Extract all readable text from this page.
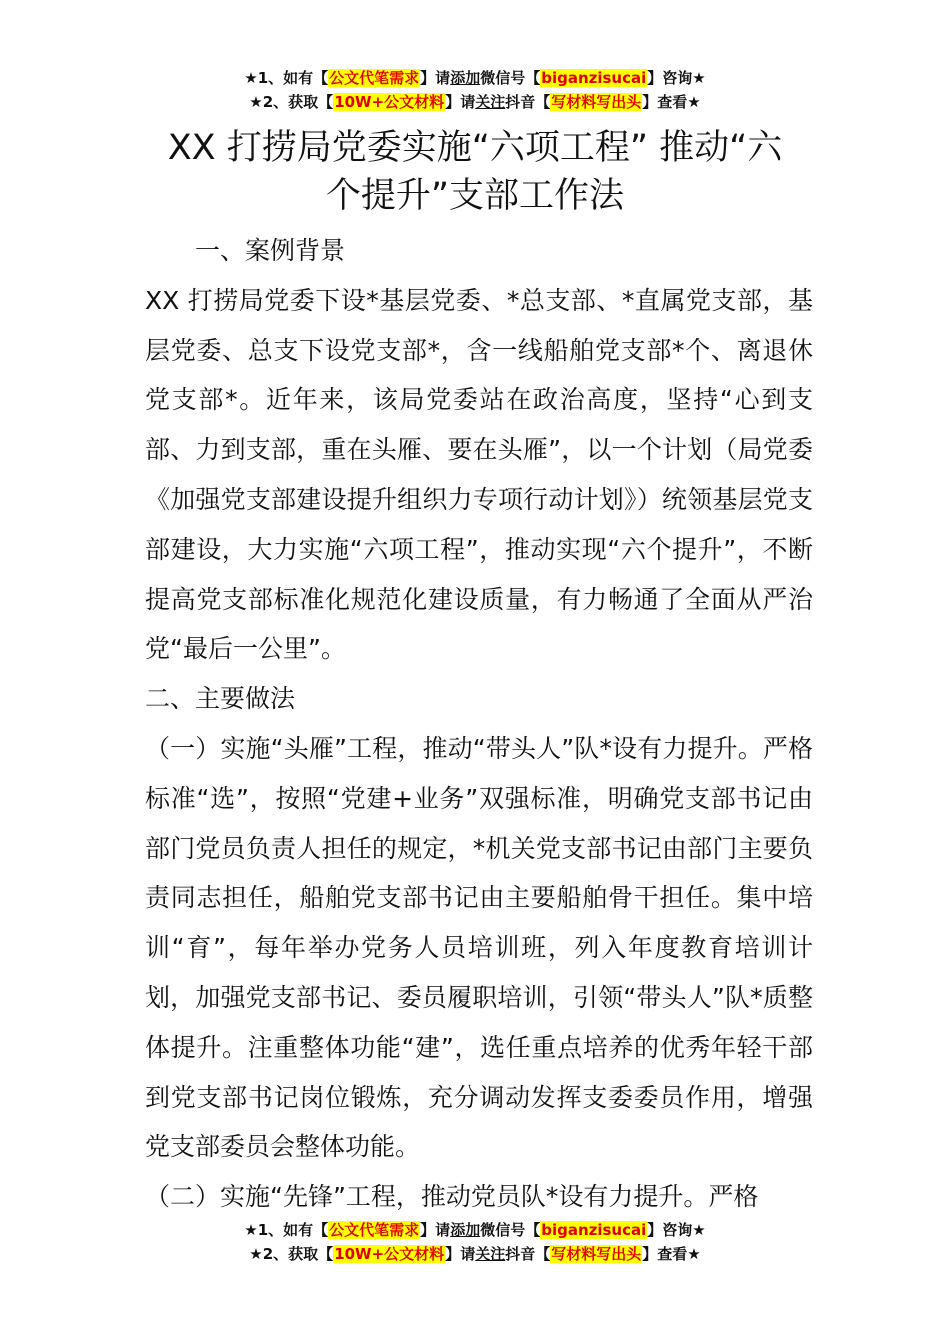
★1、如有【公文代笔需求】请添加微信号【biganzisucai】咨询★
★2、获取【10W+公文材料】请关注抖音【写材料写出头】查看★
XX 打捞局党委实施“六项工程” 推动“六
个提升”支部工作法

一、案例背景

XX 打捞局党委下设*基层党委、*总支部、*直属党支部，基层党委、总支下设党支部*，含一线船舶党支部*个、离退休党支部*。近年来，该局党委站在政治高度，坚持“心到支部、力到支部，重在头雁、要在头雁”，以一个计划（局党委《加强党支部建设提升组织力专项行动计划》）统领基层党支部建设，大力实施“六项工程”，推动实现“六个提升”，不断提高党支部标准化规范化建设质量，有力畅通了全面从严治党“最后一公里”。

二、主要做法

（一）实施“头雁”工程，推动“带头人”队*设有力提升。严格标准“选”，按照“党建+业务”双强标准，明确党支部书记由部门党员负责人担任的规定，*机关党支部书记由部门主要负责同志担任，船舶党支部书记由主要船舶骨干担任。集中培训“育”，每年举办党务人员培训班，列入年度教育培训计划，加强党支部书记、委员履职培训，引领“带头人”队*质整体提升。注重整体功能“建”，选任重点培养的优秀年轻干部到党支部书记岗位锻炼，充分调动发挥支委委员作用，增强党支部委员会整体功能。

（二）实施“先锋”工程，推动党员队*设有力提升。严格

★1、如有【公文代笔需求】请添加微信号【biganzisucai】咨询★
★2、获取【10W+公文材料】请关注抖音【写材料写出头】查看★
